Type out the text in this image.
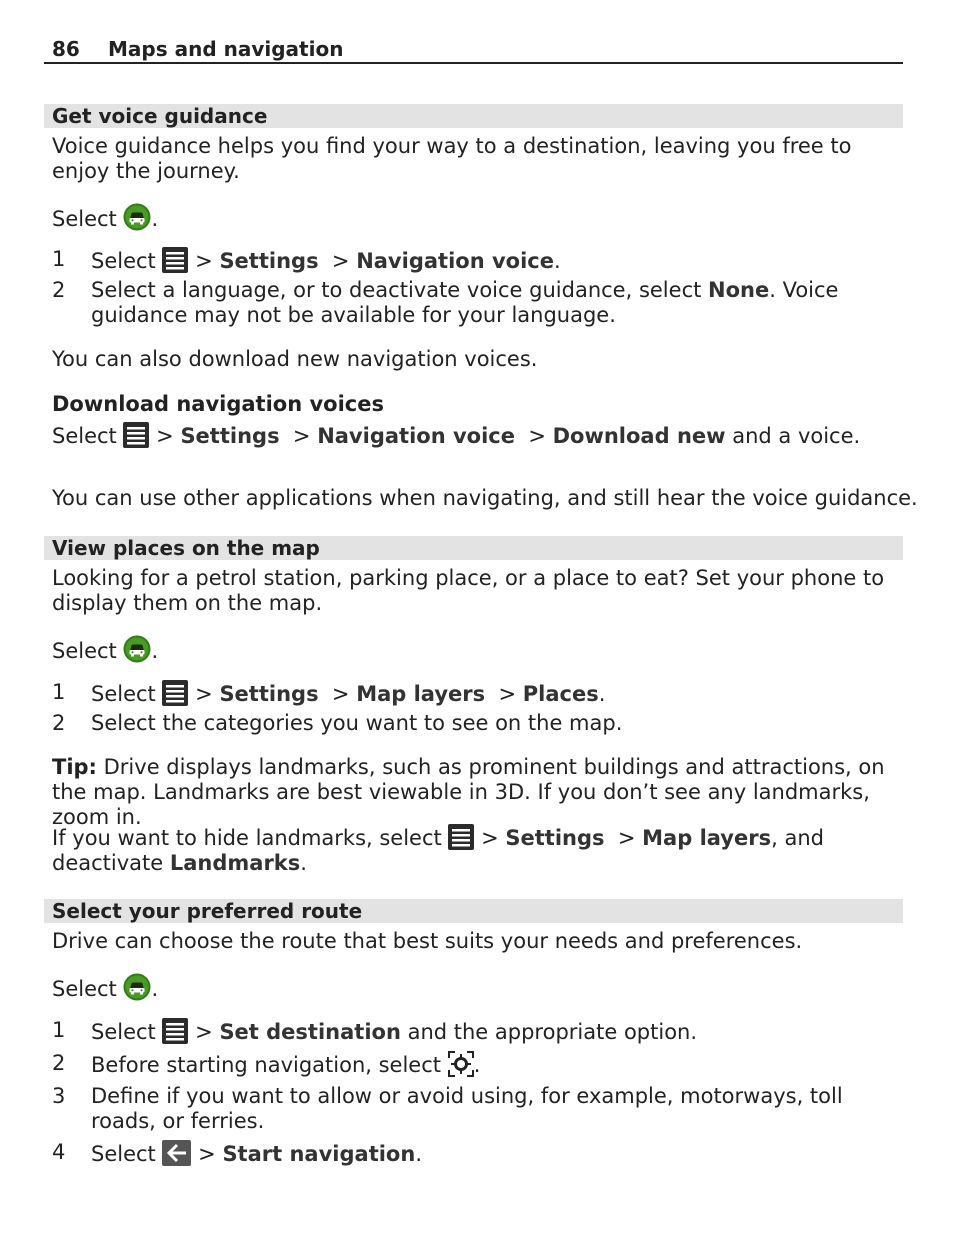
86 Maps and navigation
Get voice guidance
Voice guidance helps you find your way to a destination, leaving you free to enjoy the journey.
Select .
1 Select  > Settings  > Navigation voice.
2 Select a language, or to deactivate voice guidance, select None. Voice guidance may not be available for your language.
You can also download new navigation voices.
Download navigation voices
Select  > Settings  > Navigation voice  > Download new and a voice.
You can use other applications when navigating, and still hear the voice guidance.
View places on the map
Looking for a petrol station, parking place, or a place to eat? Set your phone to display them on the map.
Select .
1 Select  > Settings  > Map layers  > Places.
2 Select the categories you want to see on the map.
Tip: Drive displays landmarks, such as prominent buildings and attractions, on the map. Landmarks are best viewable in 3D. If you don’t see any landmarks, zoom in.
If you want to hide landmarks, select  > Settings  > Map layers, and deactivate Landmarks.
Select your preferred route
Drive can choose the route that best suits your needs and preferences.
Select .
1 Select  > Set destination and the appropriate option.
2 Before starting navigation, select .
3 Define if you want to allow or avoid using, for example, motorways, toll roads, or ferries.
4 Select  > Start navigation.
